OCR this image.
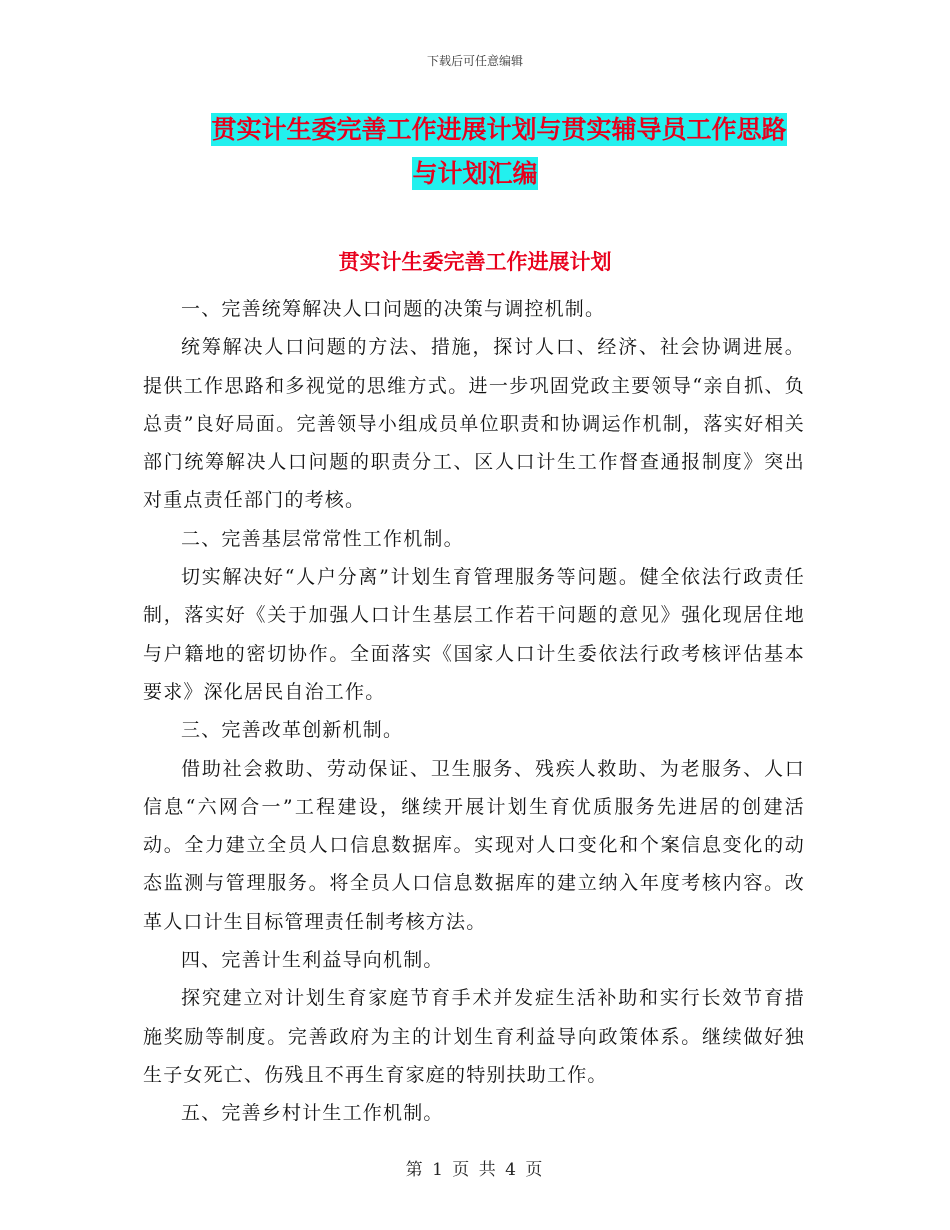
下载后可任意编辑
贯实计生委完善工作进展计划与贯实辅导员工作思路
与计划汇编
贯实计生委完善工作进展计划

一、完善统筹解决人口问题的决策与调控机制。

统筹解决人口问题的方法、措施，探讨人口、经济、社会协调进展。提供工作思路和多视觉的思维方式。进一步巩固党政主要领导“亲自抓、负总责”良好局面。完善领导小组成员单位职责和协调运作机制，落实好相关部门统筹解决人口问题的职责分工、区人口计生工作督查通报制度》突出对重点责任部门的考核。

二、完善基层常常性工作机制。

切实解决好“人户分离”计划生育管理服务等问题。健全依法行政责任制，落实好《关于加强人口计生基层工作若干问题的意见》强化现居住地与户籍地的密切协作。全面落实《国家人口计生委依法行政考核评估基本要求》深化居民自治工作。

三、完善改革创新机制。

借助社会救助、劳动保证、卫生服务、残疾人救助、为老服务、人口信息“六网合一”工程建设，继续开展计划生育优质服务先进居的创建活动。全力建立全员人口信息数据库。实现对人口变化和个案信息变化的动态监测与管理服务。将全员人口信息数据库的建立纳入年度考核内容。改革人口计生目标管理责任制考核方法。

四、完善计生利益导向机制。

探究建立对计划生育家庭节育手术并发症生活补助和实行长效节育措施奖励等制度。完善政府为主的计划生育利益导向政策体系。继续做好独生子女死亡、伤残且不再生育家庭的特别扶助工作。

五、完善乡村计生工作机制。

第 1 页 共 4 页
